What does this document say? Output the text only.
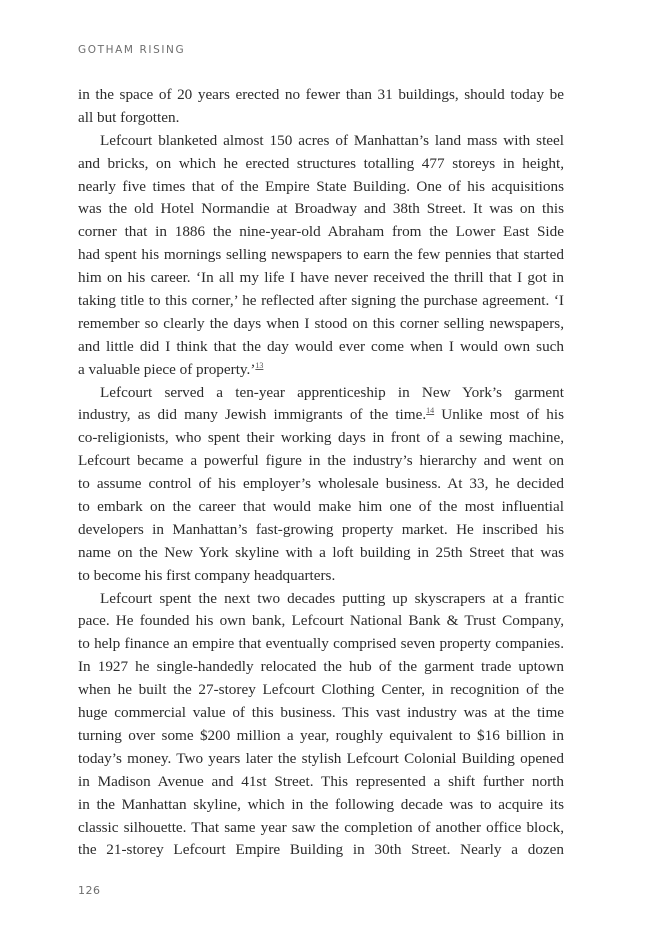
GOTHAM RISING
in the space of 20 years erected no fewer than 31 buildings, should today be
all but forgotten.
Lefcourt blanketed almost 150 acres of Manhattan’s land mass with steel
and bricks, on which he erected structures totalling 477 storeys in height,
nearly five times that of the Empire State Building. One of his acquisitions
was the old Hotel Normandie at Broadway and 38th Street. It was on this
corner that in 1886 the nine-year-old Abraham from the Lower East Side
had spent his mornings selling newspapers to earn the few pennies that started
him on his career. ‘In all my life I have never received the thrill that I got in
taking title to this corner,’ he reflected after signing the purchase agreement. ‘I
remember so clearly the days when I stood on this corner selling newspapers,
and little did I think that the day would ever come when I would own such
a valuable piece of property.’$^{13}$
Lefcourt served a ten-year apprenticeship in New York’s garment
industry, as did many Jewish immigrants of the time.$^{14}$ Unlike most of his
co-religionists, who spent their working days in front of a sewing machine,
Lefcourt became a powerful figure in the industry’s hierarchy and went on
to assume control of his employer’s wholesale business. At 33, he decided
to embark on the career that would make him one of the most influential
developers in Manhattan’s fast-growing property market. He inscribed his
name on the New York skyline with a loft building in 25th Street that was
to become his first company headquarters.
Lefcourt spent the next two decades putting up skyscrapers at a frantic
pace. He founded his own bank, Lefcourt National Bank & Trust Company,
to help finance an empire that eventually comprised seven property companies.
In 1927 he single-handedly relocated the hub of the garment trade uptown
when he built the 27-storey Lefcourt Clothing Center, in recognition of the
huge commercial value of this business. This vast industry was at the time
turning over some $200 million a year, roughly equivalent to $16 billion in
today’s money. Two years later the stylish Lefcourt Colonial Building opened
in Madison Avenue and 41st Street. This represented a shift further north
in the Manhattan skyline, which in the following decade was to acquire its
classic silhouette. That same year saw the completion of another office block,
the 21-storey Lefcourt Empire Building in 30th Street. Nearly a dozen
126
